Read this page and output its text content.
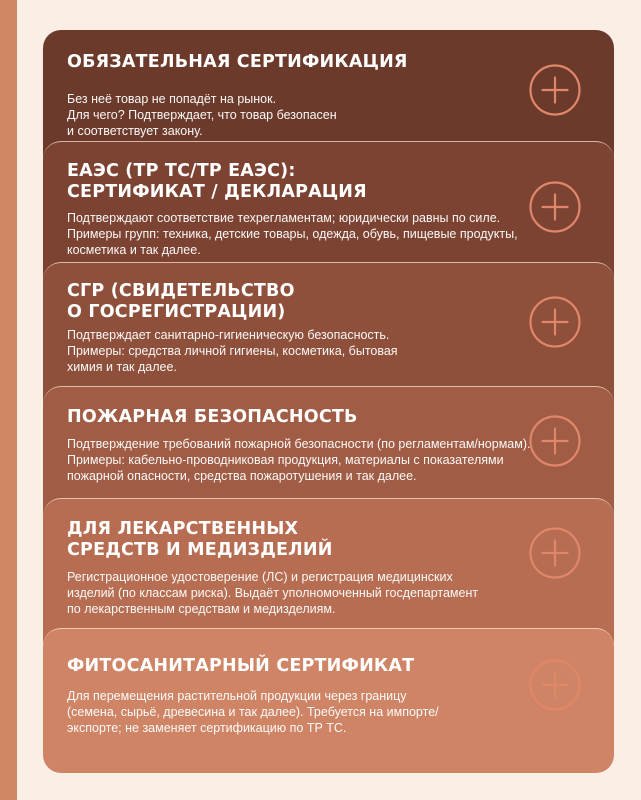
ОБЯЗАТЕЛЬНАЯ СЕРТИФИКАЦИЯ

Без неё товар не попадёт на рынок.
Для чего? Подтверждает, что товар безопасен
и соответствует закону.

ЕАЭС (ТР ТС/ТР ЕАЭС):
СЕРТИФИКАТ / ДЕКЛАРАЦИЯ

Подтверждают соответствие техрегламентам; юридически равны по силе.
Примеры групп: техника, детские товары, одежда, обувь, пищевые продукты,
косметика и так далее.

СГР (СВИДЕТЕЛЬСТВО
О ГОСРЕГИСТРАЦИИ)

Подтверждает санитарно-гигиеническую безопасность.
Примеры: средства личной гигиены, косметика, бытовая
химия и так далее.

ПОЖАРНАЯ БЕЗОПАСНОСТЬ

Подтверждение требований пожарной безопасности (по регламентам/нормам).
Примеры: кабельно-проводниковая продукция, материалы с показателями
пожарной опасности, средства пожаротушения и так далее.

ДЛЯ ЛЕКАРСТВЕННЫХ
СРЕДСТВ И МЕДИЗДЕЛИЙ

Регистрационное удостоверение (ЛС) и регистрация медицинских
изделий (по классам риска). Выдаёт уполномоченный госдепартамент
по лекарственным средствам и медизделиям.

ФИТОСАНИТАРНЫЙ СЕРТИФИКАТ

Для перемещения растительной продукции через границу
(семена, сырьё, древесина и так далее). Требуется на импорте/
экспорте; не заменяет сертификацию по ТР ТС.
